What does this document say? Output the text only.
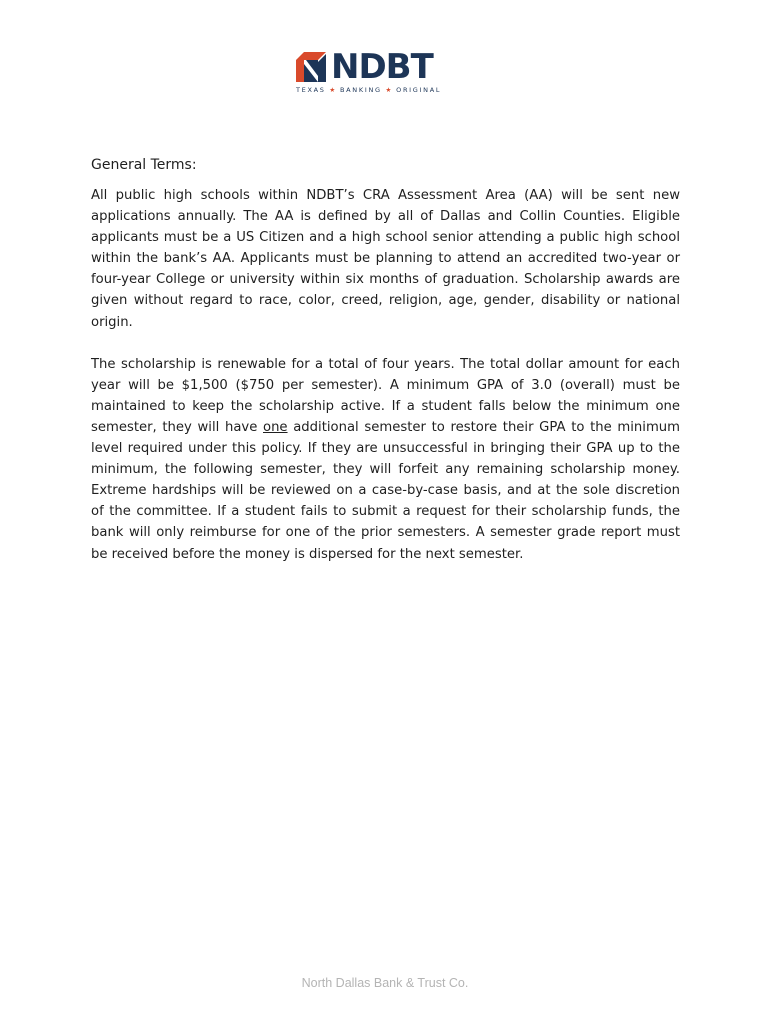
NDBT
TEXAS ★ BANKING ★ ORIGINAL
General Terms:

All public high schools within NDBT’s CRA Assessment Area (AA) will be sent new applications annually. The AA is defined by all of Dallas and Collin Counties. Eligible applicants must be a US Citizen and a high school senior attending a public high school within the bank’s AA. Applicants must be planning to attend an accredited two-year or four-year College or university within six months of graduation. Scholarship awards are given without regard to race, color, creed, religion, age, gender, disability or national origin.

The scholarship is renewable for a total of four years. The total dollar amount for each year will be $1,500 ($750 per semester). A minimum GPA of 3.0 (overall) must be maintained to keep the scholarship active. If a student falls below the minimum one semester, they will have one additional semester to restore their GPA to the minimum level required under this policy. If they are unsuccessful in bringing their GPA up to the minimum, the following semester, they will forfeit any remaining scholarship money. Extreme hardships will be reviewed on a case-by-case basis, and at the sole discretion of the committee. If a student fails to submit a request for their scholarship funds, the bank will only reimburse for one of the prior semesters. A semester grade report must be received before the money is dispersed for the next semester.

North Dallas Bank & Trust Co.
